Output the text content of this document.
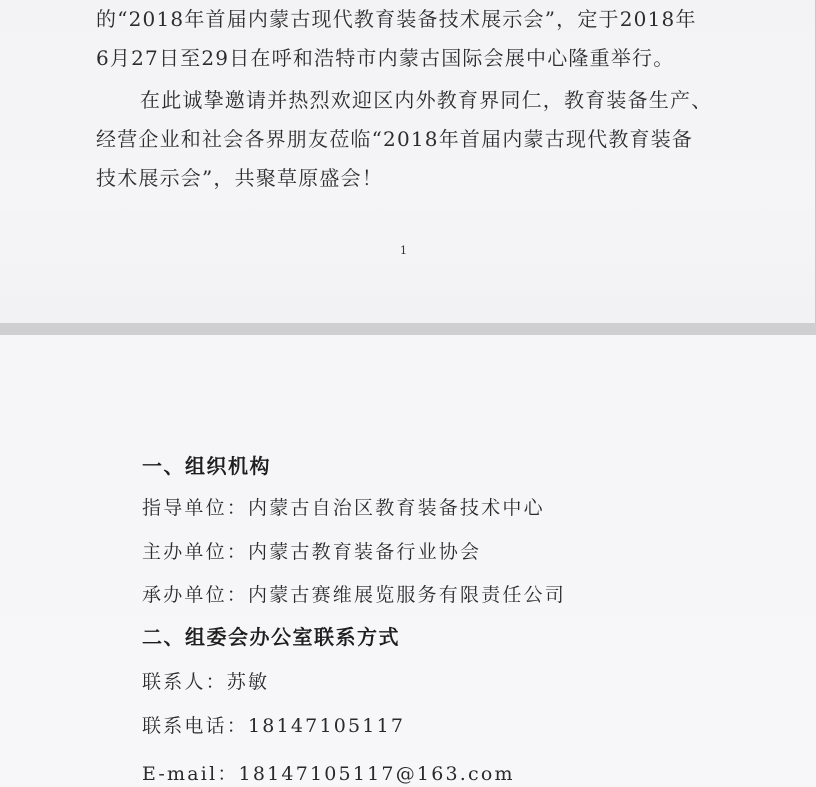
的“2018年首届内蒙古现代教育装备技术展示会”，定于2018年
6月27日至29日在呼和浩特市内蒙古国际会展中心隆重举行。
在此诚挚邀请并热烈欢迎区内外教育界同仁，教育装备生产、
经营企业和社会各界朋友莅临“2018年首届内蒙古现代教育装备
技术展示会”，共聚草原盛会！
1
一、组织机构
指导单位：内蒙古自治区教育装备技术中心
主办单位：内蒙古教育装备行业协会
承办单位：内蒙古赛维展览服务有限责任公司
二、组委会办公室联系方式
联系人：苏敏
联系电话：18147105117
E-mail：18147105117@163.com
